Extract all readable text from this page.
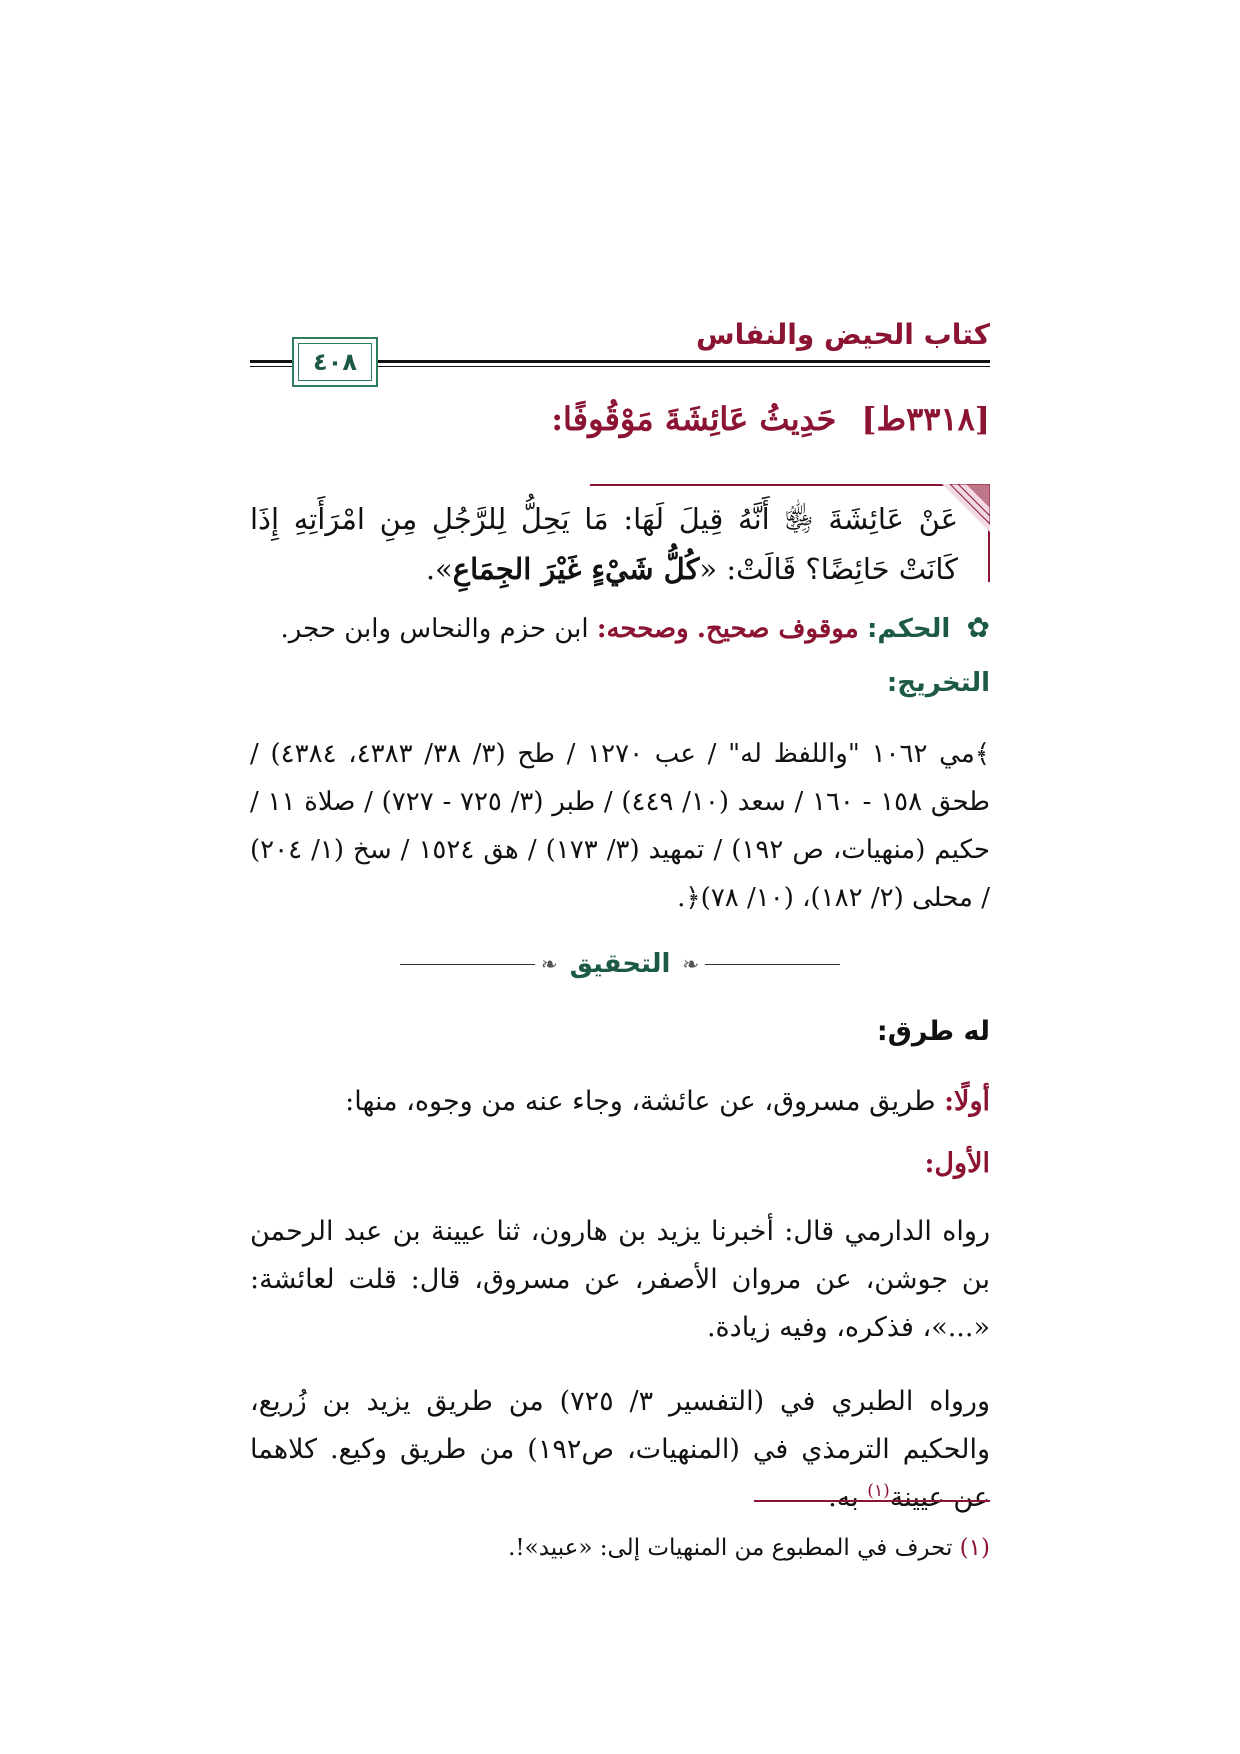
كتاب الحيض والنفاس
٤٠٨
[٣٣١٨ط] حَدِيثُ عَائِشَةَ مَوْقُوفًا:
عَنْ عَائِشَةَ ﵂ أَنَّهُ قِيلَ لَهَا: مَا يَحِلُّ لِلرَّجُلِ مِنِ امْرَأَتِهِ إِذَا كَانَتْ حَائِضًا؟ قَالَتْ: «كُلُّ شَيْءٍ غَيْرَ الجِمَاعِ».
✿ الحكم: موقوف صحيح. وصححه: ابن حزم والنحاس وابن حجر.
التخريج:
﴾مي ١٠٦٢ "واللفظ له" / عب ١٢٧٠ / طح (٣/ ٣٨/ ٤٣٨٣، ٤٣٨٤) / طحق ١٥٨ - ١٦٠ / سعد (١٠/ ٤٤٩) / طبر (٣/ ٧٢٥ - ٧٢٧) / صلاة ١١ / حكيم (منهيات، ص ١٩٢) / تمهيد (٣/ ١٧٣) / هق ١٥٢٤ / سخ (١/ ٢٠٤) / محلى (٢/ ١٨٢)، (١٠/ ٧٨)﴿.
❧
التحقيق
❧
له طرق:
أولًا: طريق مسروق، عن عائشة، وجاء عنه من وجوه، منها:
الأول:
رواه الدارمي قال: أخبرنا يزيد بن هارون، ثنا عيينة بن عبد الرحمن بن جوشن، عن مروان الأصفر، عن مسروق، قال: قلت لعائشة: «...»، فذكره، وفيه زيادة.
ورواه الطبري في (التفسير ٣/ ٧٢٥) من طريق يزيد بن زُريع، والحكيم الترمذي في (المنهيات، ص١٩٢) من طريق وكيع. كلاهما عن عيينة$^{(١)}$ به.
(١) تحرف في المطبوع من المنهيات إلى: «عبيد»!.
